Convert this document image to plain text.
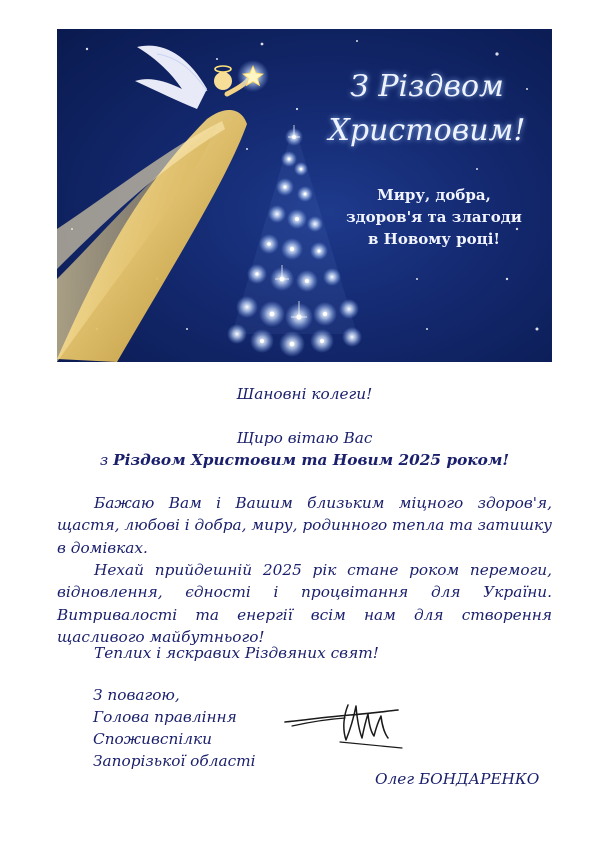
З Різдвом

Христовим!

Миру, добра,

здоров'я та злагоди

в Новому році!

Шановні колеги!

Щиро вітаю Вас

з Різдвом Христовим та Новим 2025 роком!

Бажаю Вам і Вашим близьким міцного здоров'я, щастя, любові і добра, миру, родинного тепла та затишку в домівках.

Нехай прийдешній 2025 рік стане роком перемоги, відновлення, єдності і процвітання для України. Витривалості та енергії всім нам для створення щасливого майбутнього!

Теплих і яскравих Різдвяних свят!

З повагою,

Голова правління

Споживспілки

Запорізької області

Олег БОНДАРЕНКО
